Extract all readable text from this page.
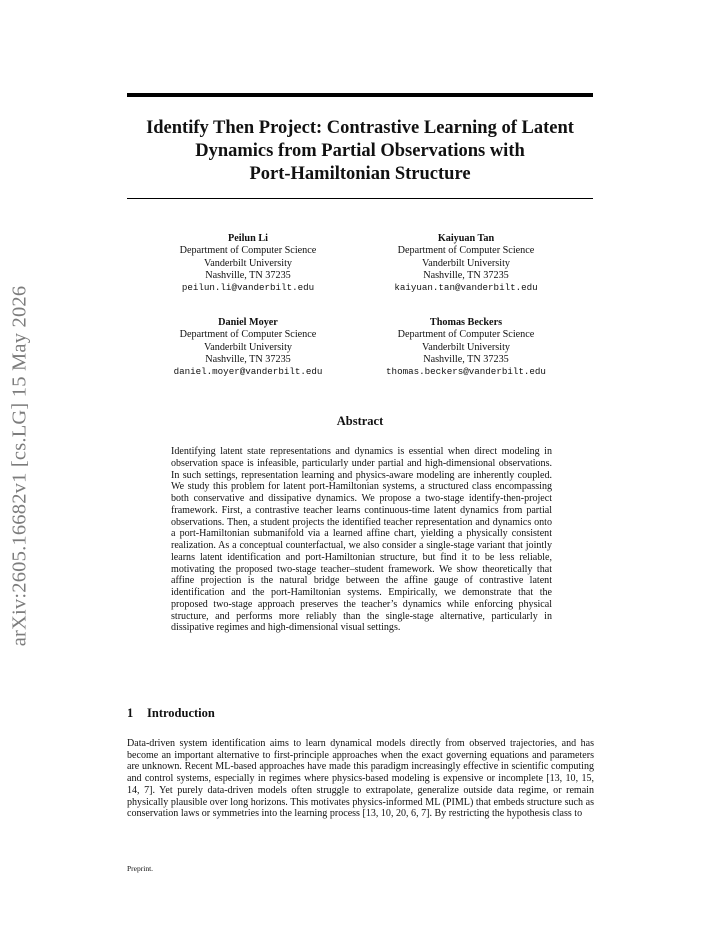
arXiv:2605.16682v1 [cs.LG] 15 May 2026
Identify Then Project: Contrastive Learning of Latent
Dynamics from Partial Observations with
Port-Hamiltonian Structure
Peilun Li
Department of Computer Science
Vanderbilt University
Nashville, TN 37235
peilun.li@vanderbilt.edu
Kaiyuan Tan
Department of Computer Science
Vanderbilt University
Nashville, TN 37235
kaiyuan.tan@vanderbilt.edu
Daniel Moyer
Department of Computer Science
Vanderbilt University
Nashville, TN 37235
daniel.moyer@vanderbilt.edu
Thomas Beckers
Department of Computer Science
Vanderbilt University
Nashville, TN 37235
thomas.beckers@vanderbilt.edu
Abstract

Identifying latent state representations and dynamics is essential when direct modeling in observation space is infeasible, particularly under partial and high-dimensional observations. In such settings, representation learning and physics-aware modeling are inherently coupled. We study this problem for latent port-Hamiltonian systems, a structured class encompassing both conservative and dissipative dynamics. We propose a two-stage identify-then-project framework. First, a contrastive teacher learns continuous-time latent dynamics from partial observations. Then, a student projects the identified teacher representation and dynamics onto a port-Hamiltonian submanifold via a learned affine chart, yielding a physically consistent realization. As a conceptual counterfactual, we also consider a single-stage variant that jointly learns latent identification and port-Hamiltonian structure, but find it to be less reliable, motivating the proposed two-stage teacher–student framework. We show theoretically that affine projection is the natural bridge between the affine gauge of contrastive latent identification and the port-Hamiltonian systems. Empirically, we demonstrate that the proposed two-stage approach preserves the teacher’s dynamics while enforcing physical structure, and performs more reliably than the single-stage alternative, particularly in dissipative regimes and high-dimensional visual settings.

1 Introduction

Data-driven system identification aims to learn dynamical models directly from observed trajectories, and has become an important alternative to first-principle approaches when the exact governing equations and parameters are unknown. Recent ML-based approaches have made this paradigm increasingly effective in scientific computing and control systems, especially in regimes where physics-based modeling is expensive or incomplete [13, 10, 15, 14, 7]. Yet purely data-driven models often struggle to extrapolate, generalize outside data regime, or remain physically plausible over long horizons. This motivates physics-informed ML (PIML) that embeds structure such as conservation laws or symmetries into the learning process [13, 10, 20, 6, 7]. By restricting the hypothesis class to

Preprint.
